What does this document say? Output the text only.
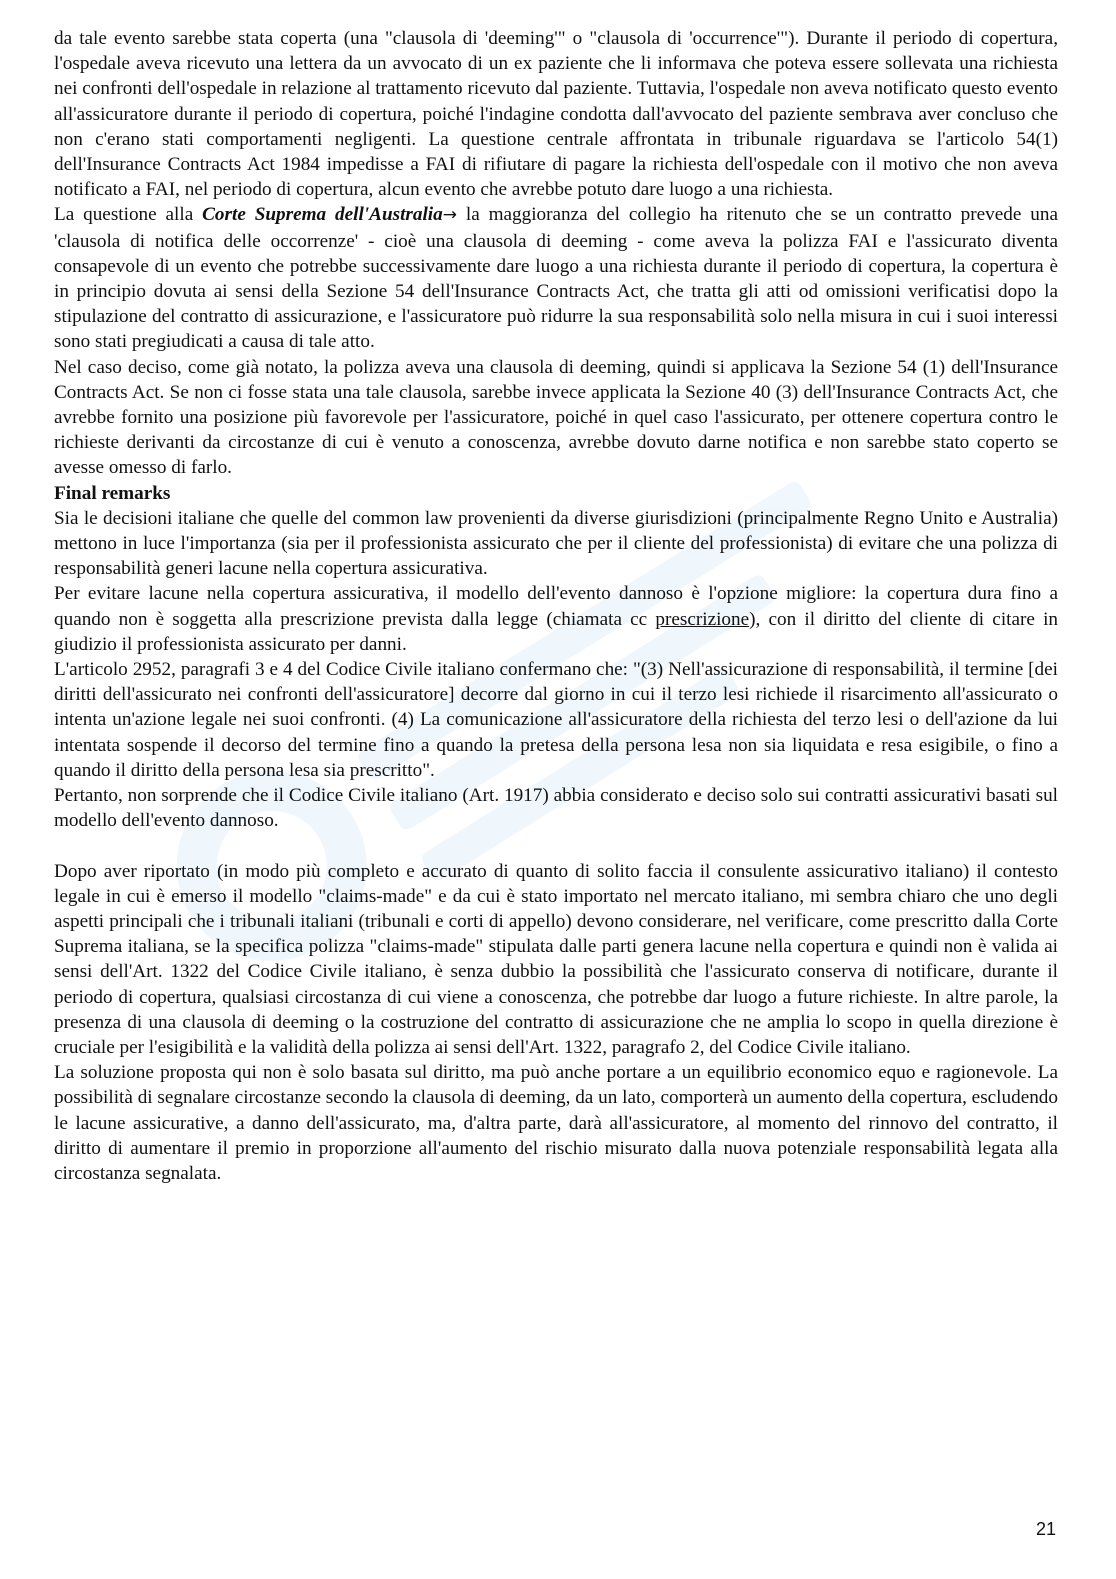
da tale evento sarebbe stata coperta (una "clausola di 'deeming'" o "clausola di 'occurrence'"). Durante il periodo di copertura, l'ospedale aveva ricevuto una lettera da un avvocato di un ex paziente che li informava che poteva essere sollevata una richiesta nei confronti dell'ospedale in relazione al trattamento ricevuto dal paziente. Tuttavia, l'ospedale non aveva notificato questo evento all'assicuratore durante il periodo di copertura, poiché l'indagine condotta dall'avvocato del paziente sembrava aver concluso che non c'erano stati comportamenti negligenti. La questione centrale affrontata in tribunale riguardava se l'articolo 54(1) dell'Insurance Contracts Act 1984 impedisse a FAI di rifiutare di pagare la richiesta dell'ospedale con il motivo che non aveva notificato a FAI, nel periodo di copertura, alcun evento che avrebbe potuto dare luogo a una richiesta.

La questione alla Corte Suprema dell'Australia→ la maggioranza del collegio ha ritenuto che se un contratto prevede una 'clausola di notifica delle occorrenze' - cioè una clausola di deeming - come aveva la polizza FAI e l'assicurato diventa consapevole di un evento che potrebbe successivamente dare luogo a una richiesta durante il periodo di copertura, la copertura è in principio dovuta ai sensi della Sezione 54 dell'Insurance Contracts Act, che tratta gli atti od omissioni verificatisi dopo la stipulazione del contratto di assicurazione, e l'assicuratore può ridurre la sua responsabilità solo nella misura in cui i suoi interessi sono stati pregiudicati a causa di tale atto.

Nel caso deciso, come già notato, la polizza aveva una clausola di deeming, quindi si applicava la Sezione 54 (1) dell'Insurance Contracts Act. Se non ci fosse stata una tale clausola, sarebbe invece applicata la Sezione 40 (3) dell'Insurance Contracts Act, che avrebbe fornito una posizione più favorevole per l'assicuratore, poiché in quel caso l'assicurato, per ottenere copertura contro le richieste derivanti da circostanze di cui è venuto a conoscenza, avrebbe dovuto darne notifica e non sarebbe stato coperto se avesse omesso di farlo.

Final remarks

Sia le decisioni italiane che quelle del common law provenienti da diverse giurisdizioni (principalmente Regno Unito e Australia) mettono in luce l'importanza (sia per il professionista assicurato che per il cliente del professionista) di evitare che una polizza di responsabilità generi lacune nella copertura assicurativa.

Per evitare lacune nella copertura assicurativa, il modello dell'evento dannoso è l'opzione migliore: la copertura dura fino a quando non è soggetta alla prescrizione prevista dalla legge (chiamata cc prescrizione), con il diritto del cliente di citare in giudizio il professionista assicurato per danni.

L'articolo 2952, paragrafi 3 e 4 del Codice Civile italiano confermano che: "(3) Nell'assicurazione di responsabilità, il termine [dei diritti dell'assicurato nei confronti dell'assicuratore] decorre dal giorno in cui il terzo lesi richiede il risarcimento all'assicurato o intenta un'azione legale nei suoi confronti. (4) La comunicazione all'assicuratore della richiesta del terzo lesi o dell'azione da lui intentata sospende il decorso del termine fino a quando la pretesa della persona lesa non sia liquidata e resa esigibile, o fino a quando il diritto della persona lesa sia prescritto".

Pertanto, non sorprende che il Codice Civile italiano (Art. 1917) abbia considerato e deciso solo sui contratti assicurativi basati sul modello dell'evento dannoso.

Dopo aver riportato (in modo più completo e accurato di quanto di solito faccia il consulente assicurativo italiano) il contesto legale in cui è emerso il modello "claims-made" e da cui è stato importato nel mercato italiano, mi sembra chiaro che uno degli aspetti principali che i tribunali italiani (tribunali e corti di appello) devono considerare, nel verificare, come prescritto dalla Corte Suprema italiana, se la specifica polizza "claims-made" stipulata dalle parti genera lacune nella copertura e quindi non è valida ai sensi dell'Art. 1322 del Codice Civile italiano, è senza dubbio la possibilità che l'assicurato conserva di notificare, durante il periodo di copertura, qualsiasi circostanza di cui viene a conoscenza, che potrebbe dar luogo a future richieste. In altre parole, la presenza di una clausola di deeming o la costruzione del contratto di assicurazione che ne amplia lo scopo in quella direzione è cruciale per l'esigibilità e la validità della polizza ai sensi dell'Art. 1322, paragrafo 2, del Codice Civile italiano.

La soluzione proposta qui non è solo basata sul diritto, ma può anche portare a un equilibrio economico equo e ragionevole. La possibilità di segnalare circostanze secondo la clausola di deeming, da un lato, comporterà un aumento della copertura, escludendo le lacune assicurative, a danno dell'assicurato, ma, d'altra parte, darà all'assicuratore, al momento del rinnovo del contratto, il diritto di aumentare il premio in proporzione all'aumento del rischio misurato dalla nuova potenziale responsabilità legata alla circostanza segnalata.

21
